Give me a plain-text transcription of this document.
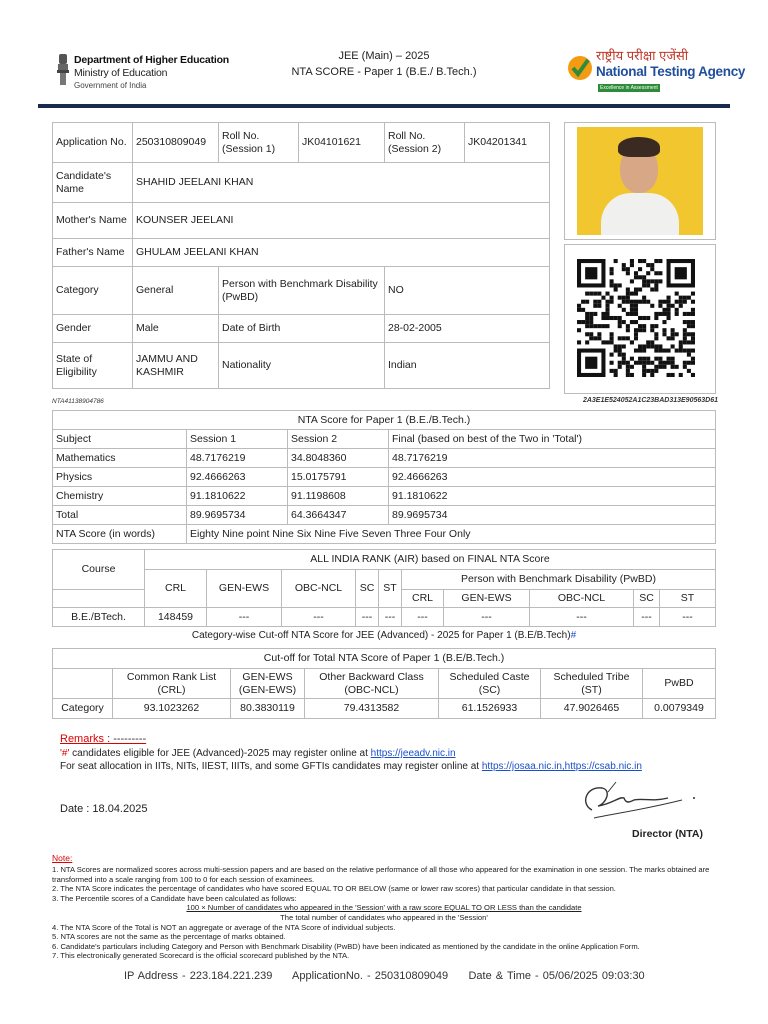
Department of Higher Education
Ministry of Education
Government of India
JEE (Main) – 2025
NTA SCORE - Paper 1 (B.E./ B.Tech.)
राष्ट्रीय परीक्षा एजेंसी
National Testing Agency
Excellence in Assessment
Application No.	250310809049	Roll No. (Session 1)	JK04101621	Roll No. (Session 2)	JK04201341
Candidate's Name	SHAHID JEELANI KHAN				
Mother's Name	KOUNSER JEELANI				
Father's Name	GHULAM JEELANI KHAN				
Category	General	Person with Benchmark Disability (PwBD)		NO	
Gender	Male	Date of Birth		28-02-2005	
State of Eligibility	JAMMU AND KASHMIR	Nationality		Indian	
NTA41138904786	2A3E1E524052A1C23BAD313E90563D61
NTA Score for Paper 1 (B.E./B.Tech.)			
Subject	Session 1	Session 2	Final (based on best of the Two in 'Total')
Mathematics	48.7176219	34.8048360	48.7176219
Physics	92.4666263	15.0175791	92.4666263
Chemistry	91.1810622	91.1198608	91.1810622
Total	89.9695734	64.3664347	89.9695734
NTA Score (in words)	Eighty Nine point Nine Six Nine Five Seven Three Four Only		
Course	ALL INDIA RANK (AIR) based on FINAL NTA Score									
	CRL	GEN-EWS	OBC-NCL	SC	ST	Person with Benchmark Disability (PwBD)				
						CRL	GEN-EWS	OBC-NCL	SC	ST
B.E./BTech.	148459	---	---	---	---	---	---	---	---	---
Category-wise Cut-off NTA Score for JEE (Advanced) - 2025 for Paper 1 (B.E/B.Tech)#
Cut-off for Total NTA Score of Paper 1 (B.E/B.Tech.)						
	Common Rank List (CRL)	GEN-EWS (GEN-EWS)	Other Backward Class (OBC-NCL)	Scheduled Caste (SC)	Scheduled Tribe (ST)	PwBD
Category	93.1023262	80.3830119	79.4313582	61.1526933	47.9026465	0.0079349
Remarks : ---------
'#' candidates eligible for JEE (Advanced)-2025 may register online at https://jeeadv.nic.in
For seat allocation in IITs, NITs, IIEST, IIITs, and some GFTIs candidates may register online at https://josaa.nic.in,https://csab.nic.in
Date : 18.04.2025
Director (NTA)
Note:
1. NTA Scores are normalized scores across multi-session papers and are based on the relative performance of all those who appeared for the examination in one session. The marks obtained are transformed into a scale ranging from 100 to 0 for each session of examinees.
2. The NTA Score indicates the percentage of candidates who have scored EQUAL TO OR BELOW (same or lower raw scores) that particular candidate in that session.
3. The Percentile scores of a Candidate have been calculated as follows:
100 × Number of candidates who appeared in the 'Session' with a raw score EQUAL TO OR LESS than the candidate
The total number of candidates who appeared in the 'Session'
4. The NTA Score of the Total is NOT an aggregate or average of the NTA Score of individual subjects.
5. NTA scores are not the same as the percentage of marks obtained.
6. Candidate's particulars including Category and Person with Benchmark Disability (PwBD) have been indicated as mentioned by the candidate in the online Application Form.
7. This electronically generated Scorecard is the official scorecard published by the NTA.
IP Address - 223.184.221.239 ApplicationNo. - 250310809049 Date & Time - 05/06/2025 09:03:30
